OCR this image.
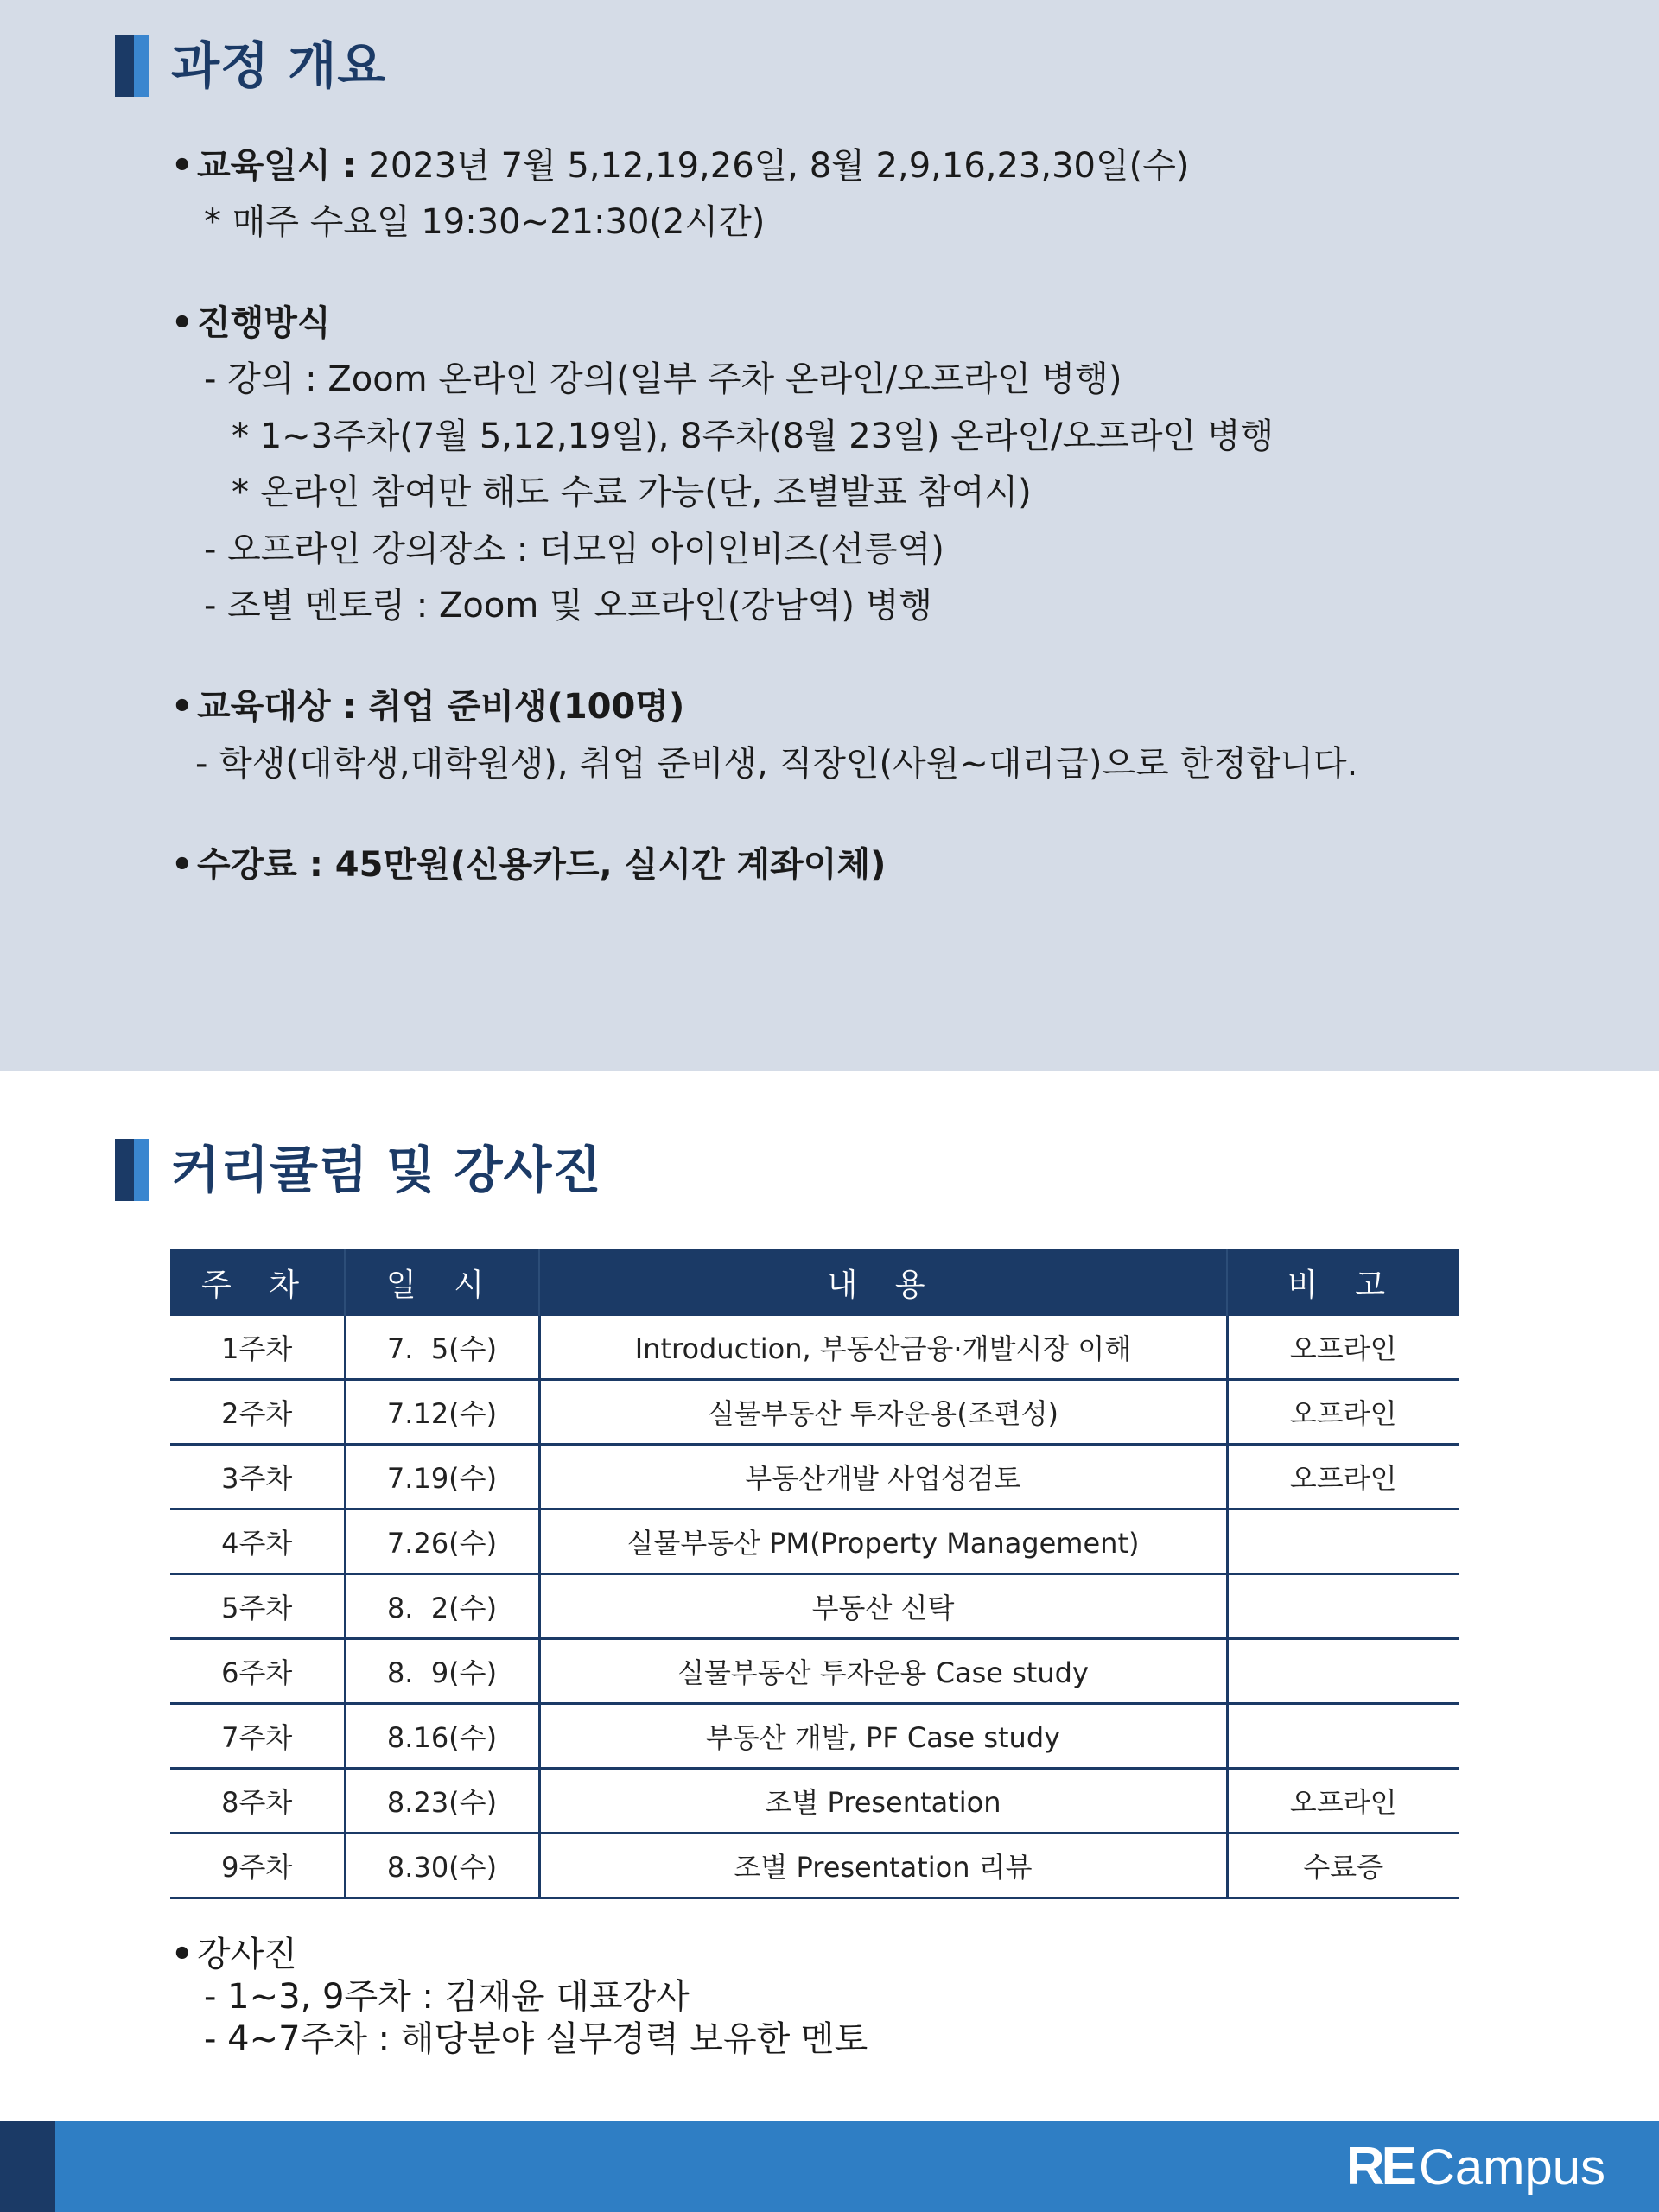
과정 개요
• 교육일시 : 2023년 7월 5,12,19,26일, 8월 2,9,16,23,30일(수)
* 매주 수요일 19:30~21:30(2시간)
• 진행방식
- 강의 : Zoom 온라인 강의(일부 주차 온라인/오프라인 병행)
* 1~3주차(7월 5,12,19일), 8주차(8월 23일) 온라인/오프라인 병행
* 온라인 참여만 해도 수료 가능(단, 조별발표 참여시)
- 오프라인 강의장소 : 더모임 아이인비즈(선릉역)
- 조별 멘토링 : Zoom 및 오프라인(강남역) 병행
• 교육대상 : 취업 준비생(100명)
- 학생(대학생,대학원생), 취업 준비생, 직장인(사원~대리급)으로 한정합니다.
• 수강료 : 45만원(신용카드, 실시간 계좌이체)
커리큘럼 및 강사진
주 차	일 시	내 용	비 고
1주차	7.  5(수)	Introduction, 부동산금융·개발시장 이해	오프라인
2주차	7.12(수)	실물부동산 투자운용(조편성)	오프라인
3주차	7.19(수)	부동산개발 사업성검토	오프라인
4주차	7.26(수)	실물부동산 PM(Property Management)	
5주차	8.  2(수)	부동산 신탁	
6주차	8.  9(수)	실물부동산 투자운용 Case study	
7주차	8.16(수)	부동산 개발, PF Case study	
8주차	8.23(수)	조별 Presentation	오프라인
9주차	8.30(수)	조별 Presentation 리뷰	수료증
• 강사진
- 1~3, 9주차 : 김재윤 대표강사
- 4~7주차 : 해당분야 실무경력 보유한 멘토
RE Campus
